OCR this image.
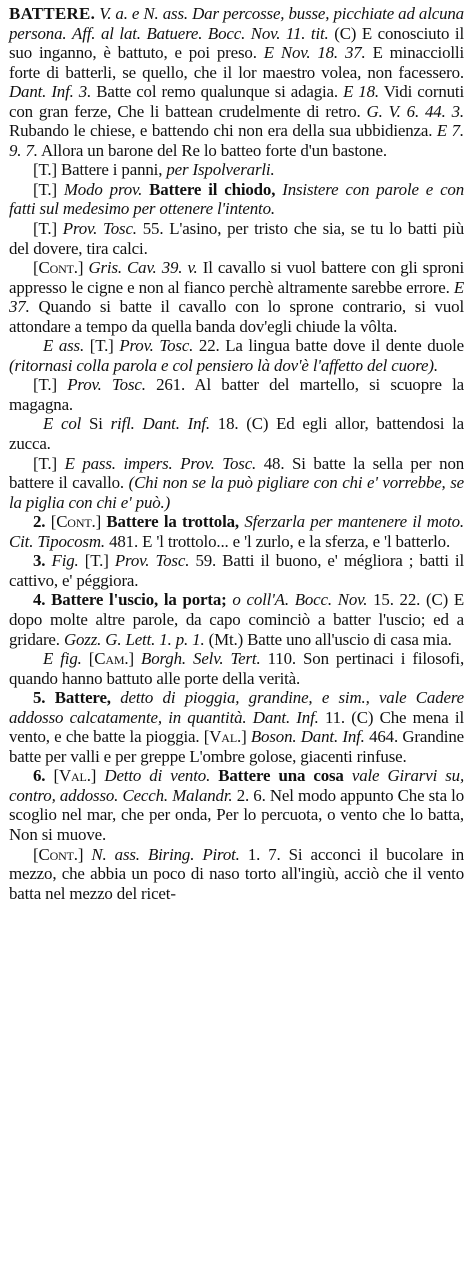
BATTERE. V. a. e N. ass. Dar percosse, busse, picchiate ad alcuna persona. Aff. al lat. Batuere. Bocc. Nov. 11. tit. (C) E conosciuto il suo inganno, è battuto, e poi preso. E Nov. 18. 37. E minacciolli forte di batterli, se quello, che il lor maestro volea, non facessero. Dant. Inf. 3. Batte col remo qualunque si adagia. E 18. Vidi cornuti con gran ferze, Che li battean crudelmente di retro. G. V. 6. 44. 3. Rubando le chiese, e battendo chi non era della sua ubbidienza. E 7. 9. 7. Allora un barone del Re lo batteo forte d'un bastone.

[T.] Battere i panni, per Ispolverarli.

[T.] Modo prov. Battere il chiodo, Insistere con parole e con fatti sul medesimo per ottenere l'intento.

[T.] Prov. Tosc. 55. L'asino, per tristo che sia, se tu lo batti più del dovere, tira calci.

[Cont.] Gris. Cav. 39. v. Il cavallo si vuol battere con gli sproni appresso le cigne e non al fianco perchè altramente sarebbe errore. E 37. Quando si batte il cavallo con lo sprone contrario, si vuol attondare a tempo da quella banda dov'egli chiude la vôlta.

E ass. [T.] Prov. Tosc. 22. La lingua batte dove il dente duole (ritornasi colla parola e col pensiero là dov'è l'affetto del cuore).

[T.] Prov. Tosc. 261. Al batter del martello, si scuopre la magagna.

E col Si rifl. Dant. Inf. 18. (C) Ed egli allor, battendosi la zucca.

[T.] E pass. impers. Prov. Tosc. 48. Si batte la sella per non battere il cavallo. (Chi non se la può pigliare con chi e' vorrebbe, se la piglia con chi e' può.)

2. [Cont.] Battere la trottola, Sferzarla per mantenere il moto. Cit. Tipocosm. 481. E 'l trottolo... e 'l zurlo, e la sferza, e 'l batterlo.

3. Fig. [T.] Prov. Tosc. 59. Batti il buono, e' mégliora ; batti il cattivo, e' péggiora.

4. Battere l'uscio, la porta; o coll'A. Bocc. Nov. 15. 22. (C) E dopo molte altre parole, da capo cominciò a batter l'uscio; ed a gridare. Gozz. G. Lett. 1. p. 1. (Mt.) Batte uno all'uscio di casa mia.

E fig. [Cam.] Borgh. Selv. Tert. 110. Son pertinaci i filosofi, quando hanno battuto alle porte della verità.

5. Battere, detto di pioggia, grandine, e sim., vale Cadere addosso calcatamente, in quantità. Dant. Inf. 11. (C) Che mena il vento, e che batte la pioggia. [Val.] Boson. Dant. Inf. 464. Grandine batte per valli e per greppe L'ombre golose, giacenti rinfuse.

6. [Val.] Detto di vento. Battere una cosa vale Girarvi su, contro, addosso. Cecch. Malandr. 2. 6. Nel modo appunto Che sta lo scoglio nel mar, che per onda, Per lo percuota, o vento che lo batta, Non si muove.

[Cont.] N. ass. Biring. Pirot. 1. 7. Si acconci il bucolare in mezzo, che abbia un poco di naso torto all'ingiù, acciò che il vento batta nel mezzo del ricet-
